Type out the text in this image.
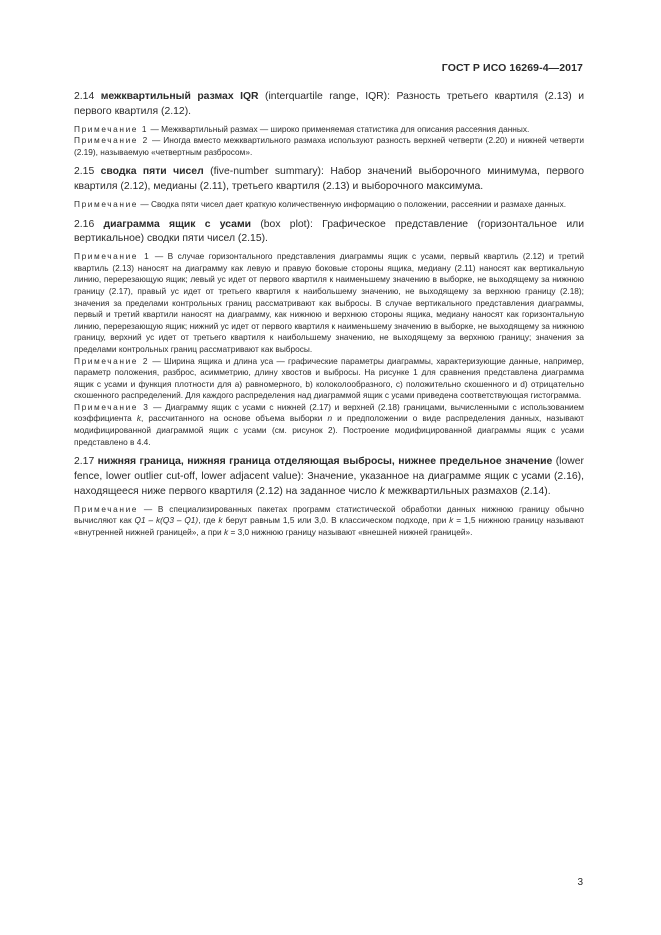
ГОСТ Р ИСО 16269-4—2017

2.14 межквартильный размах IQR (interquartile range, IQR): Разность третьего квартиля (2.13) и первого квартиля (2.12).

Примечание 1 — Межквартильный размах — широко применяемая статистика для описания рассеяния данных.

Примечание 2 — Иногда вместо межквартильного размаха используют разность верхней четверти (2.20) и нижней четверти (2.19), называемую «четвертным разбросом».

2.15 сводка пяти чисел (five-number summary): Набор значений выборочного минимума, первого квартиля (2.12), медианы (2.11), третьего квартиля (2.13) и выборочного максимума.

Примечание — Сводка пяти чисел дает краткую количественную информацию о положении, рассеянии и размахе данных.

2.16 диаграмма ящик с усами (box plot): Графическое представление (горизонтальное или вертикальное) сводки пяти чисел (2.15).

Примечание 1 — В случае горизонтального представления диаграммы ящик с усами, первый квартиль (2.12) и третий квартиль (2.13) наносят на диаграмму как левую и правую боковые стороны ящика, медиану (2.11) наносят как вертикальную линию, перерезающую ящик; левый ус идет от первого квартиля к наименьшему значению в выборке, не выходящему за нижнюю границу (2.17), правый ус идет от третьего квартиля к наибольшему значению, не выходящему за верхнюю границу (2.18); значения за пределами контрольных границ рассматривают как выбросы. В случае вертикального представления диаграммы, первый и третий квартили наносят на диаграмму, как нижнюю и верхнюю стороны ящика, медиану наносят как горизонтальную линию, перерезающую ящик; нижний ус идет от первого квартиля к наименьшему значению в выборке, не выходящему за нижнюю границу, верхний ус идет от третьего квартиля к наибольшему значению, не выходящему за верхнюю границу; значения за пределами контрольных границ рассматривают как выбросы.

Примечание 2 — Ширина ящика и длина уса — графические параметры диаграммы, характеризующие данные, например, параметр положения, разброс, асимметрию, длину хвостов и выбросы. На рисунке 1 для сравнения представлена диаграмма ящик с усами и функция плотности для а) равномерного, b) колоколообразного, с) положительно скошенного и d) отрицательно скошенного распределений. Для каждого распределения над диаграммой ящик с усами приведена соответствующая гистограмма.

Примечание 3 — Диаграмму ящик с усами с нижней (2.17) и верхней (2.18) границами, вычисленными с использованием коэффициента k, рассчитанного на основе объема выборки n и предположении о виде распределения данных, называют модифицированной диаграммой ящик с усами (см. рисунок 2). Построение модифицированной диаграммы ящик с усами представлено в 4.4.

2.17 нижняя граница, нижняя граница отделяющая выбросы, нижнее предельное значение (lower fence, lower outlier cut-off, lower adjacent value): Значение, указанное на диаграмме ящик с усами (2.16), находящееся ниже первого квартиля (2.12) на заданное число k межквартильных размахов (2.14).

Примечание — В специализированных пакетах программ статистической обработки данных нижнюю границу обычно вычисляют как Q1 – k(Q3 – Q1), где k берут равным 1,5 или 3,0. В классическом подходе, при k = 1,5 нижнюю границу называют «внутренней нижней границей», а при k = 3,0 нижнюю границу называют «внешней нижней границей».

3
